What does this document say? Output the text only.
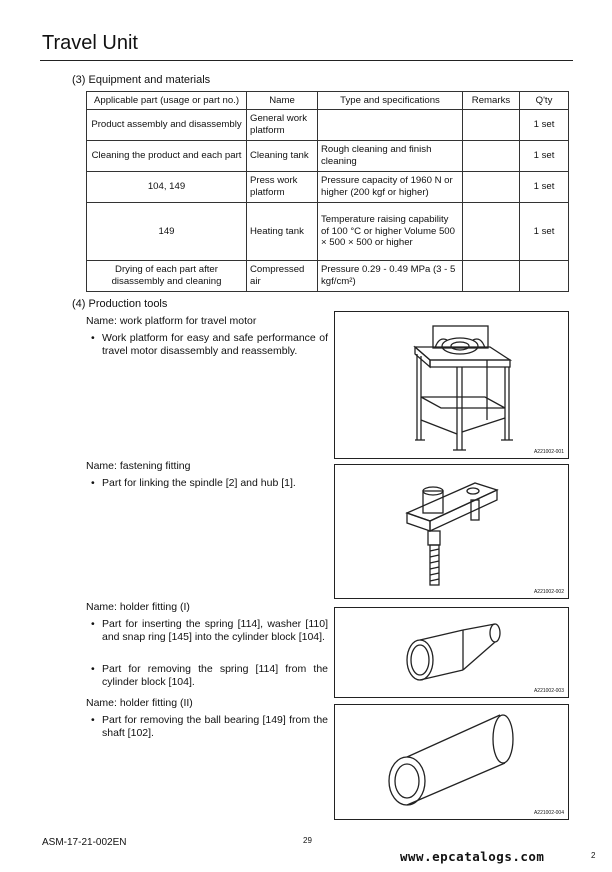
Travel Unit
(3) Equipment and materials
Applicable part (usage or part no.)	Name	Type and specifications	Remarks	Q'ty
Product assembly and disassembly	General work platform			1 set
Cleaning the product and each part	Cleaning tank	Rough cleaning and finish cleaning		1 set
104, 149	Press work platform	Pressure capacity of 1960 N or higher (200 kgf or higher)		1 set
149	Heating tank	Temperature raising capability of 100 °C or higher Volume 500 × 500 × 500 or higher		1 set
Drying of each part after disassembly and cleaning	Compressed air	Pressure 0.29 - 0.49 MPa (3 - 5 kgf/cm²)		
(4) Production tools
Name: work platform for travel motor
• Work platform for easy and safe performance of travel motor disassembly and reassembly.
A221002-001
Name: fastening fitting
• Part for linking the spindle [2] and hub [1].
A221002-002
Name: holder fitting (I)
• Part for inserting the spring [114], washer [110] and snap ring [145] into the cylinder block [104].
• Part for removing the spring [114] from the cylinder block [104].
A221002-003
Name: holder fitting (II)
• Part for removing the ball bearing [149] from the shaft [102].
A221002-004
ASM-17-21-002EN	29
www.epcatalogs.com	2
